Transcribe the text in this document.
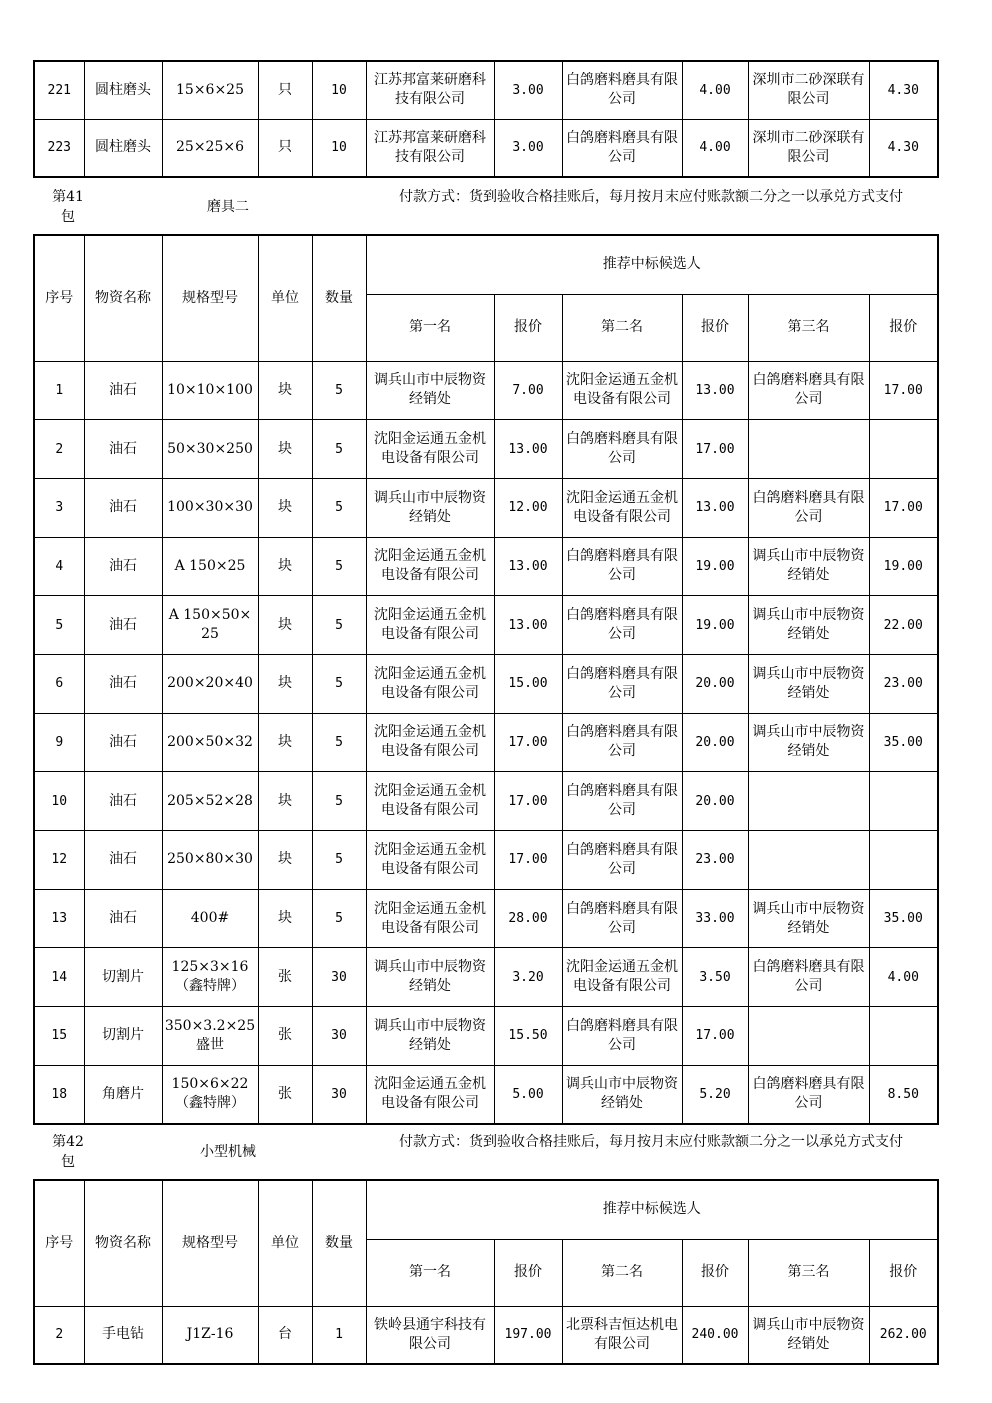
221	圆柱磨头	15×6×25	只	10	江苏邦富莱研磨科技有限公司	3.00	白鸽磨料磨具有限公司	4.00	深圳市二砂深联有限公司	4.30
223	圆柱磨头	25×25×6	只	10	江苏邦富莱研磨科技有限公司	3.00	白鸽磨料磨具有限公司	4.00	深圳市二砂深联有限公司	4.30
第41
包
磨具二
付款方式：货到验收合格挂账后，每月按月末应付账款额二分之一以承兑方式支付
序号	物资名称	规格型号	单位	数量	推荐中标候选人					
					第一名	报价	第二名	报价	第三名	报价
1	油石	10×10×100	块	5	调兵山市中辰物资经销处	7.00	沈阳金运通五金机电设备有限公司	13.00	白鸽磨料磨具有限公司	17.00
2	油石	50×30×250	块	5	沈阳金运通五金机电设备有限公司	13.00	白鸽磨料磨具有限公司	17.00		
3	油石	100×30×30	块	5	调兵山市中辰物资经销处	12.00	沈阳金运通五金机电设备有限公司	13.00	白鸽磨料磨具有限公司	17.00
4	油石	A 150×25	块	5	沈阳金运通五金机电设备有限公司	13.00	白鸽磨料磨具有限公司	19.00	调兵山市中辰物资经销处	19.00
5	油石	A 150×50×25	块	5	沈阳金运通五金机电设备有限公司	13.00	白鸽磨料磨具有限公司	19.00	调兵山市中辰物资经销处	22.00
6	油石	200×20×40	块	5	沈阳金运通五金机电设备有限公司	15.00	白鸽磨料磨具有限公司	20.00	调兵山市中辰物资经销处	23.00
9	油石	200×50×32	块	5	沈阳金运通五金机电设备有限公司	17.00	白鸽磨料磨具有限公司	20.00	调兵山市中辰物资经销处	35.00
10	油石	205×52×28	块	5	沈阳金运通五金机电设备有限公司	17.00	白鸽磨料磨具有限公司	20.00		
12	油石	250×80×30	块	5	沈阳金运通五金机电设备有限公司	17.00	白鸽磨料磨具有限公司	23.00		
13	油石	400#	块	5	沈阳金运通五金机电设备有限公司	28.00	白鸽磨料磨具有限公司	33.00	调兵山市中辰物资经销处	35.00
14	切割片	125×3×16（鑫特牌）	张	30	调兵山市中辰物资经销处	3.20	沈阳金运通五金机电设备有限公司	3.50	白鸽磨料磨具有限公司	4.00
15	切割片	350×3.2×25 盛世	张	30	调兵山市中辰物资经销处	15.50	白鸽磨料磨具有限公司	17.00		
18	角磨片	150×6×22（鑫特牌）	张	30	沈阳金运通五金机电设备有限公司	5.00	调兵山市中辰物资经销处	5.20	白鸽磨料磨具有限公司	8.50
第42
包
小型机械
付款方式：货到验收合格挂账后，每月按月末应付账款额二分之一以承兑方式支付
序号	物资名称	规格型号	单位	数量	推荐中标候选人					
					第一名	报价	第二名	报价	第三名	报价
2	手电钻	J1Z-16	台	1	铁岭县通宇科技有限公司	197.00	北票科吉恒达机电有限公司	240.00	调兵山市中辰物资经销处	262.00
